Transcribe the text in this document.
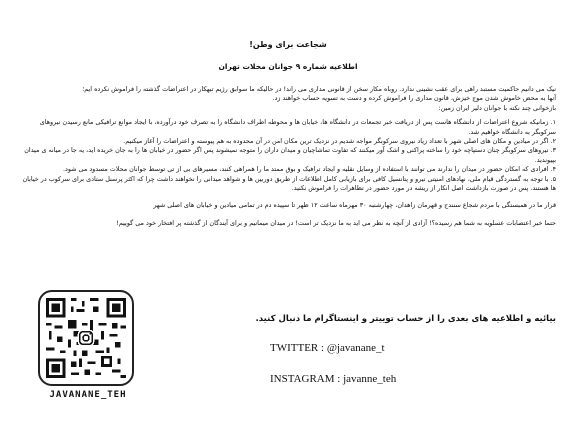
شجاعت برای وطن!
اطلاعیه شماره ۹ جوانان محلات تهران

نیک می دانیم حاکمیت مستبد راهی برای عقب نشینی ندارد. روباه مکار سخن از قانونی مداری می راند! در حالیکه ما سوابق رژیم تبهکار در اعتراضات گذشته را فراموش نکرده ایم؛

آنها به محض خاموش شدن موج خیزش، قانون مداری را فراموش کرده و دست به تسویه حساب خواهند زد.

بازخوانی چند نکته با جوانان دلیر ایران زمین:

۱. زمانیکه شروع اعتراضات از دانشگاه هاست پس از دریافت خبر تجمعات در دانشگاه ها، خیابان ها و محوطه اطراف دانشگاه را به تصرف خود درآورده، با ایجاد موانع ترافیکی مانع رسیدن نیروهای سرکوبگر به دانشگاه خواهیم شد.

۲. اگر در میادین و مکان های اصلی شهر با تعداد زیاد نیروی سرکوبگر مواجه شدیم در نزدیک ترین مکان امن در آن محدوده به هم پیوسته و اعتراضات را آغاز میکنیم.

۳. نیروهای سرکوبگر چنان دستپاچه خود را ساخته پراکنی و اشک آور میکنند که تفاوت تماشاچیان و میدان داران را متوجه نمیشوند پس اگر حضور در خیابان ها را به جان خریده اید، یه جا در میانه ی میدان بپیوندید.

۴. افرادی که امکان حضور در میدان را ندارند می توانند با استفاده از وسایل نقلیه و ایجاد ترافیک و بوق ممتد ما را همراهی کنند، مسیرهای بی از تی توسط جوانان محلات مسدود می شود.

۵. با توجه به گستردگی قیام ملی، نهادهای امنیتی نیرو و پتانسیل کافی برای بازیابی کامل اطلاعات از طریق دوربین ها و شواهد میدانی را نخواهند داشت چرا که اکثر پرسنل ستادی برای سرکوب در خیابان ها هستند. پس در صورت بازداشت اصل انکار از ریشه در مورد حضور در تظاهرات را فراموش نکنید.

قرار ما در همبستگی با مردم شجاع سنندج و قهرمان زاهدان، چهارشنبه ۳۰ مهرماه ساعت ۱۲ ظهر تا سپیده دم در تمامی میادین و خیابان های اصلی شهر

حتما خبر اعتصابات عسلویه به شما هم رسیده؟! آزادی از آنچه به نظر می اید به ما نزدیک تر است! در میدان میمانیم و برای آیندگان از گذشته پر افتخار خود می گوییم!

JAVANANE_TEH
بیائیه و اطلاعیه های بعدی را از حساب توییتر و اینستاگرام ما دنبال کنید.
TWITTER : @javanane_t
INSTAGRAM : javanne_teh
